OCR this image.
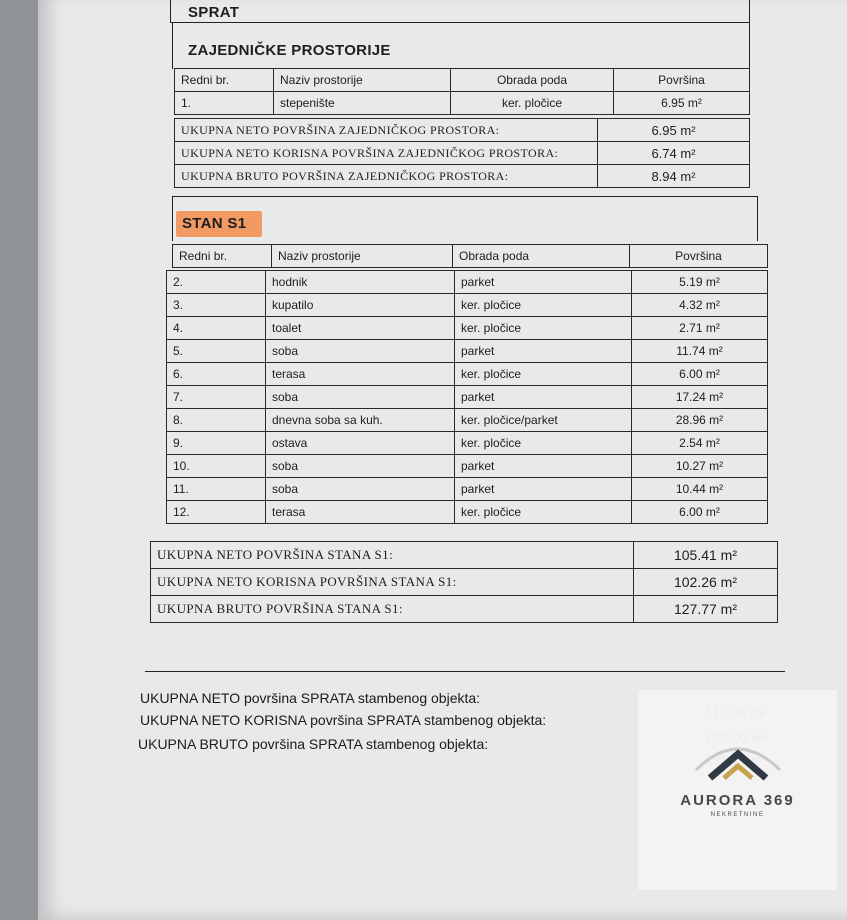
SPRAT
ZAJEDNIČKE PROSTORIJE
Redni br.	Naziv prostorije	Obrada poda	Površina
1.	stepenište	ker. pločice	6.95 m²
UKUPNA NETO POVRŠINA ZAJEDNIČKOG PROSTORA:	6.95 m²
UKUPNA NETO KORISNA POVRŠINA ZAJEDNIČKOG PROSTORA:	6.74 m²
UKUPNA BRUTO POVRŠINA ZAJEDNIČKOG PROSTORA:	8.94 m²
STAN S1
Redni br.	Naziv prostorije	Obrada poda	Površina
2.	hodnik	parket	5.19 m²
3.	kupatilo	ker. pločice	4.32 m²
4.	toalet	ker. pločice	2.71 m²
5.	soba	parket	11.74 m²
6.	terasa	ker. pločice	6.00 m²
7.	soba	parket	17.24 m²
8.	dnevna soba sa kuh.	ker. pločice/parket	28.96 m²
9.	ostava	ker. pločice	2.54 m²
10.	soba	parket	10.27 m²
11.	soba	parket	10.44 m²
12.	terasa	ker. pločice	6.00 m²
UKUPNA NETO POVRŠINA STANA S1:	105.41 m²
UKUPNA NETO KORISNA POVRŠINA STANA S1:	102.26 m²
UKUPNA BRUTO POVRŠINA STANA S1:	127.77 m²
UKUPNA NETO površina SPRATA stambenog objekta:
UKUPNA NETO KORISNA površina SPRATA stambenog objekta:
UKUPNA BRUTO površina SPRATA stambenog objekta:
AURORA 369
NEKRETNINE
